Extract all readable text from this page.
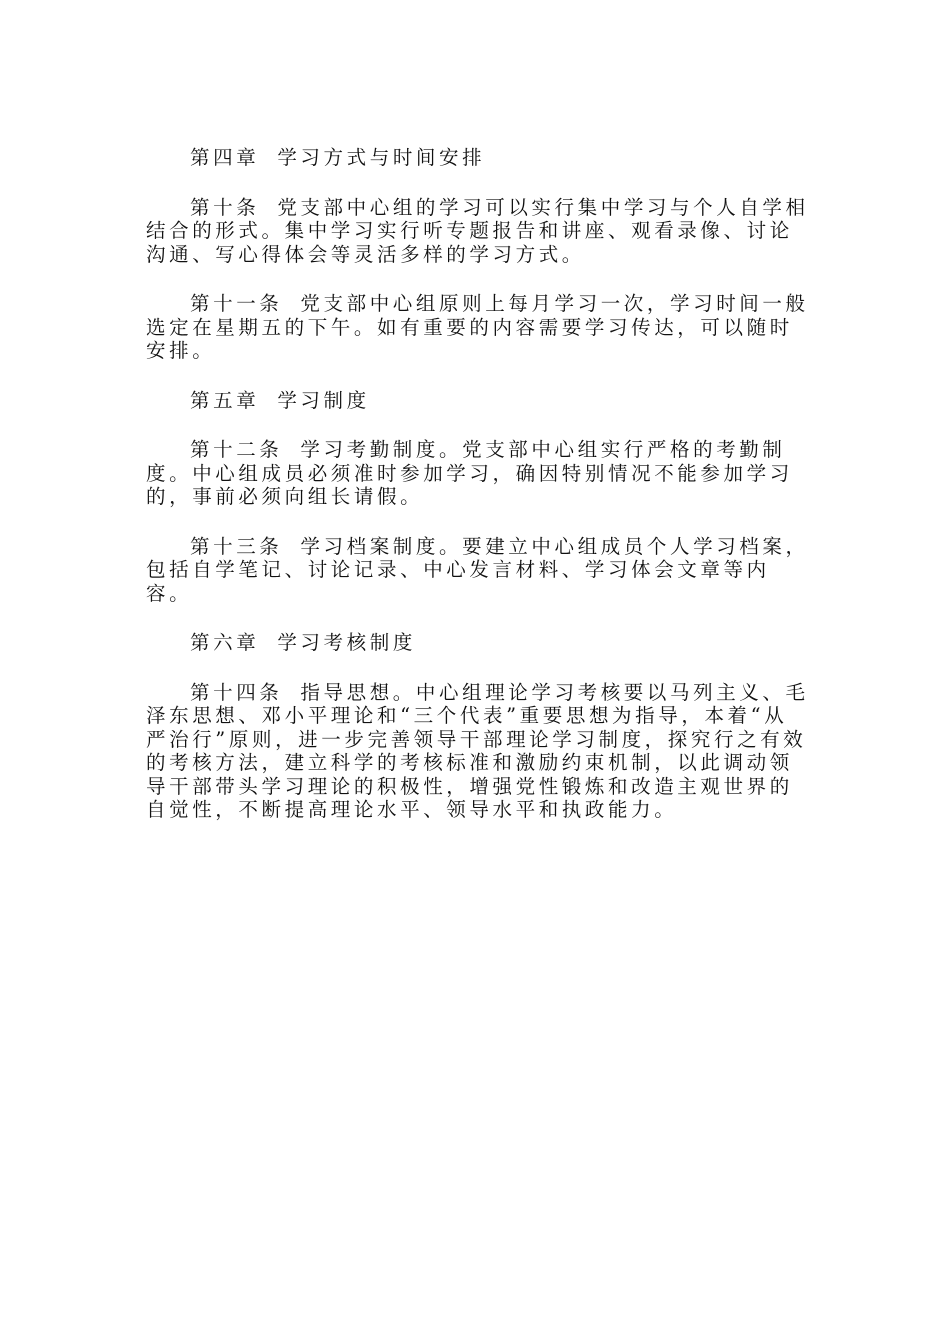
第四章 学习方式与时间安排

第十条 党支部中心组的学习可以实行集中学习与个人自学相结合的形式。集中学习实行听专题报告和讲座、观看录像、讨论沟通、写心得体会等灵活多样的学习方式。

第十一条 党支部中心组原则上每月学习一次，学习时间一般选定在星期五的下午。如有重要的内容需要学习传达，可以随时安排。

第五章 学习制度

第十二条 学习考勤制度。党支部中心组实行严格的考勤制度。中心组成员必须准时参加学习，确因特别情况不能参加学习的，事前必须向组长请假。

第十三条 学习档案制度。要建立中心组成员个人学习档案，包括自学笔记、讨论记录、中心发言材料、学习体会文章等内容。

第六章 学习考核制度

第十四条 指导思想。中心组理论学习考核要以马列主义、毛泽东思想、邓小平理论和“三个代表”重要思想为指导，本着“从严治行”原则，进一步完善领导干部理论学习制度，探究行之有效的考核方法，建立科学的考核标准和激励约束机制，以此调动领导干部带头学习理论的积极性，增强党性锻炼和改造主观世界的自觉性，不断提高理论水平、领导水平和执政能力。
